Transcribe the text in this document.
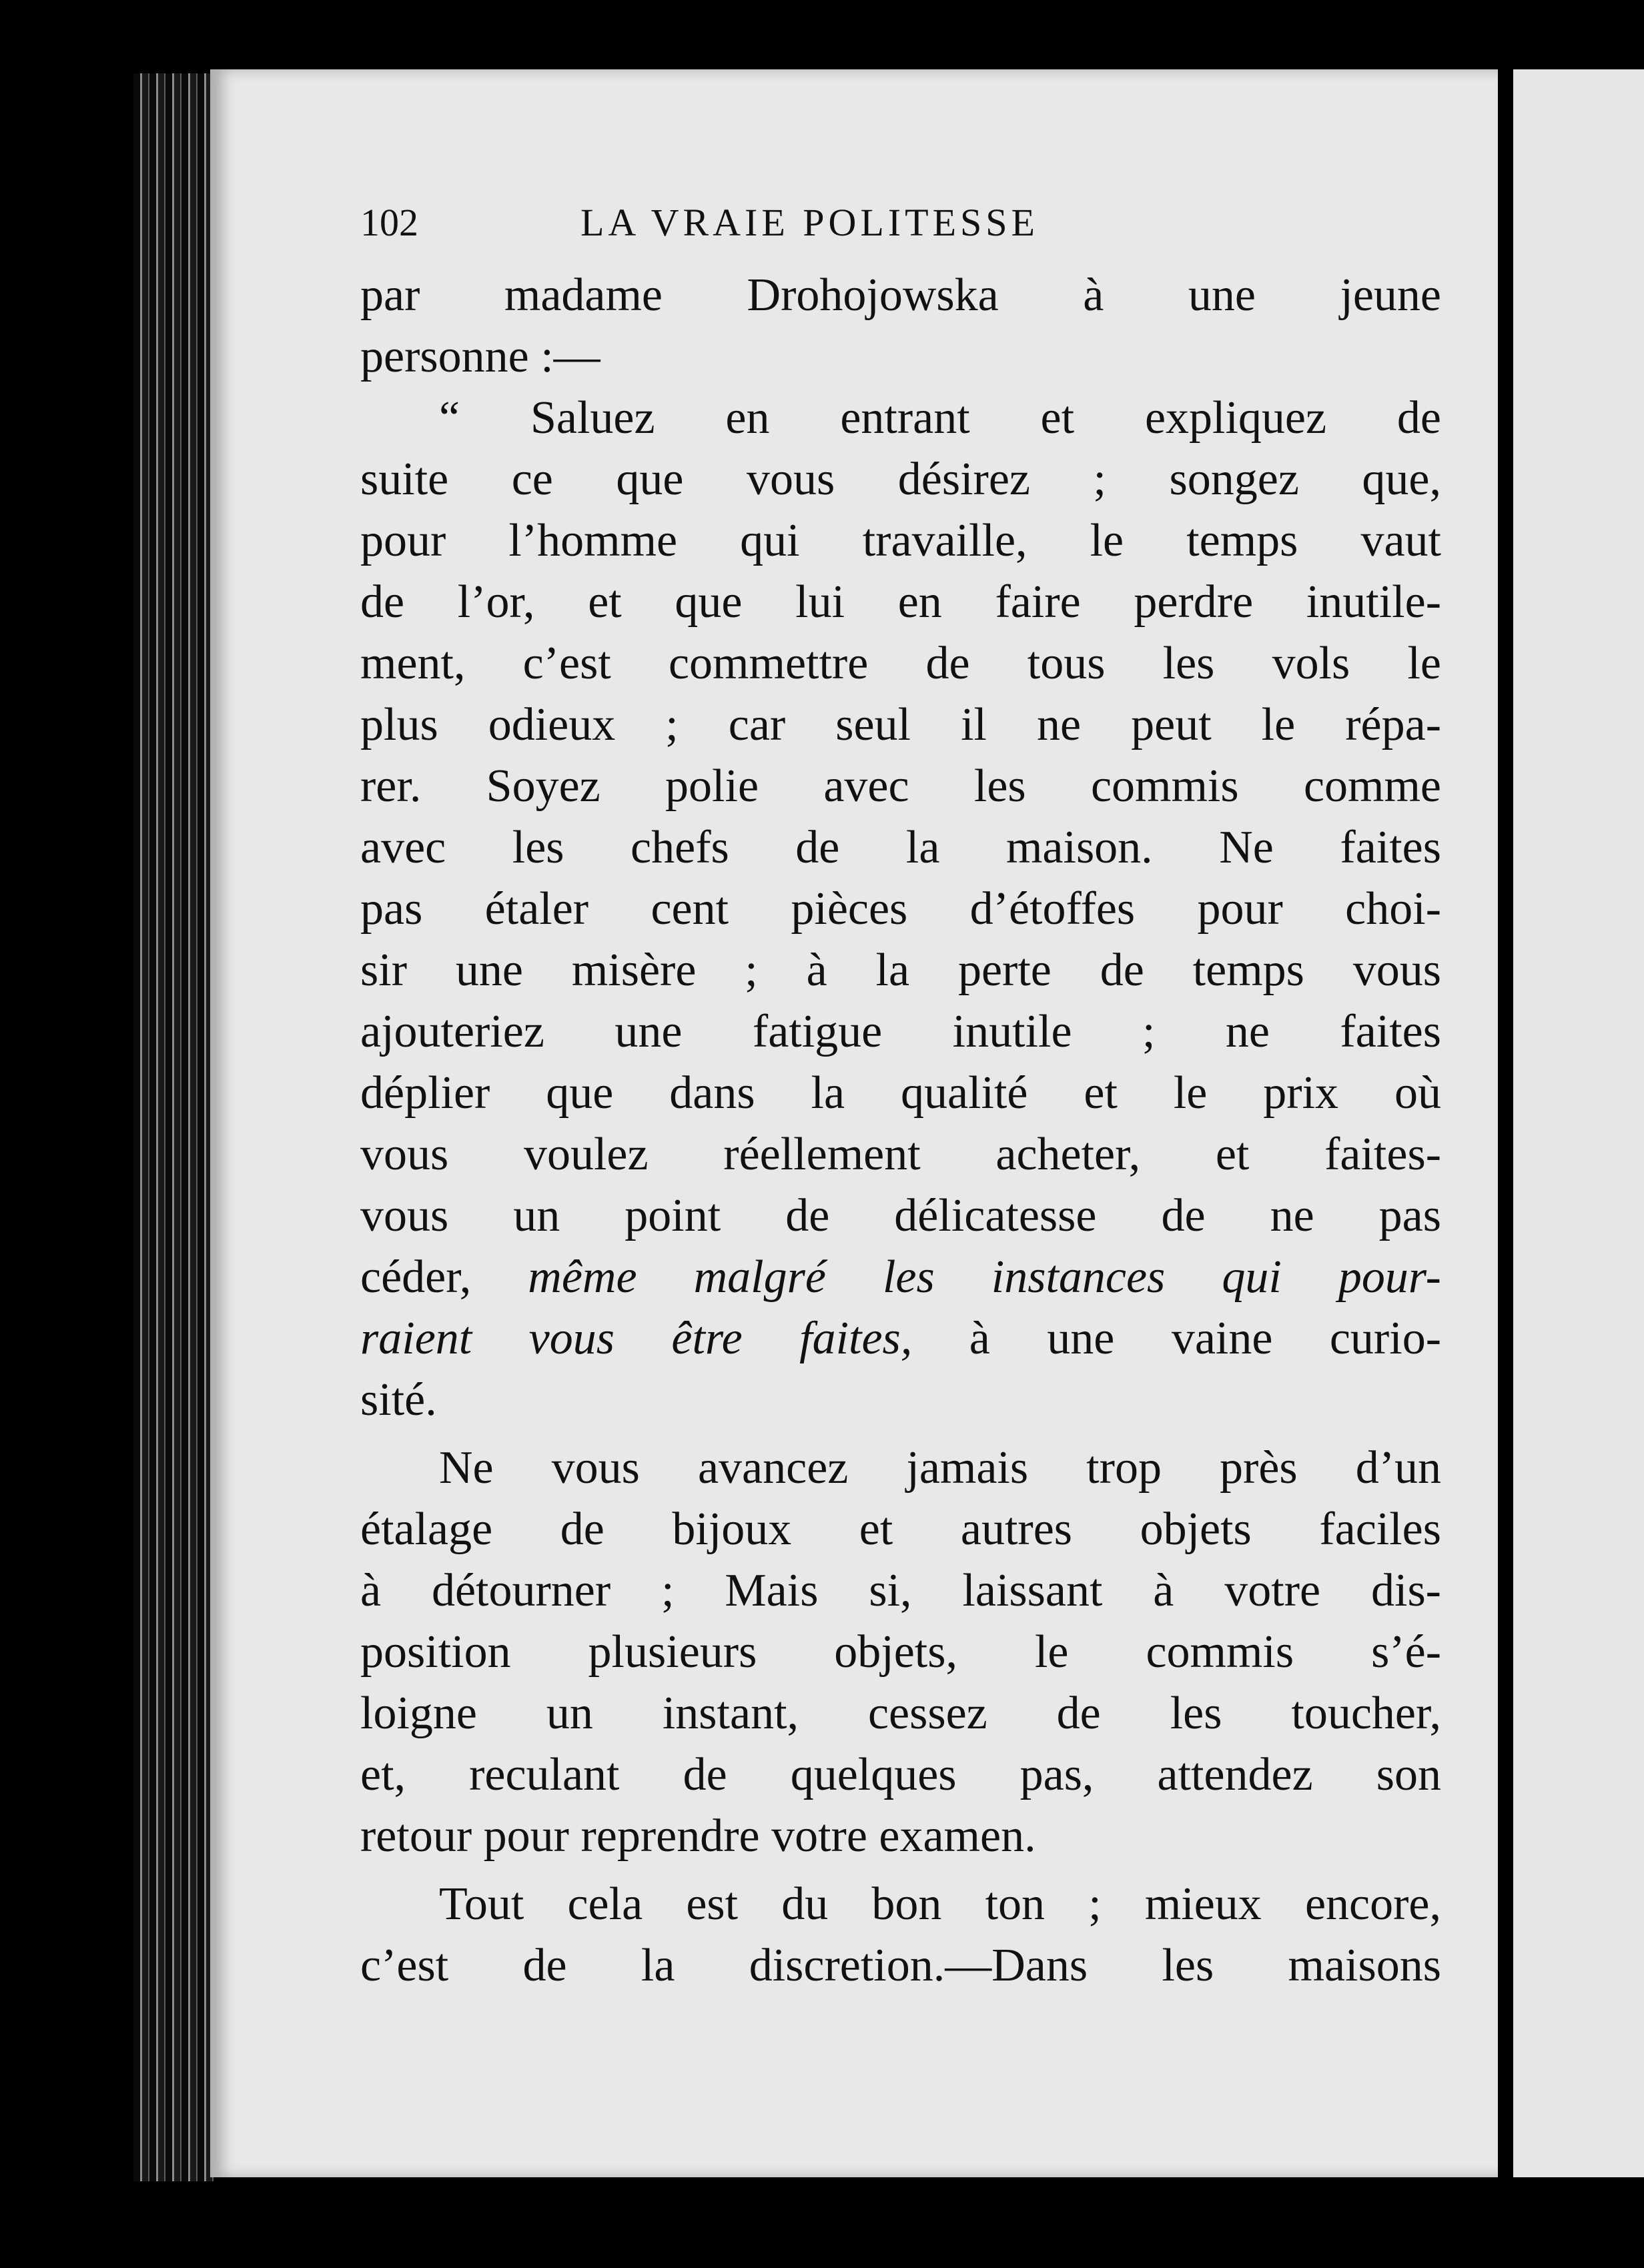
102	LA VRAIE POLITESSE
par madame Drohojowska à une jeune
personne :—
“ Saluez en entrant et expliquez de
suite ce que vous désirez ; songez que,
pour l’homme qui travaille, le temps vaut
de l’or, et que lui en faire perdre inutile-
ment, c’est commettre de tous les vols le
plus odieux ; car seul il ne peut le répa-
rer. Soyez polie avec les commis comme
avec les chefs de la maison. Ne faites
pas étaler cent pièces d’étoffes pour choi-
sir une misère ; à la perte de temps vous
ajouteriez une fatigue inutile ; ne faites
déplier que dans la qualité et le prix où
vous voulez réellement acheter, et faites-
vous un point de délicatesse de ne pas
céder, même malgré les instances qui pour-
raient vous être faites, à une vaine curio-
sité.
Ne vous avancez jamais trop près d’un
étalage de bijoux et autres objets faciles
à détourner ; Mais si, laissant à votre dis-
position plusieurs objets, le commis s’é-
loigne un instant, cessez de les toucher,
et, reculant de quelques pas, attendez son
retour pour reprendre votre examen.
Tout cela est du bon ton ; mieux encore,
c’est de la discretion.—Dans les maisons
